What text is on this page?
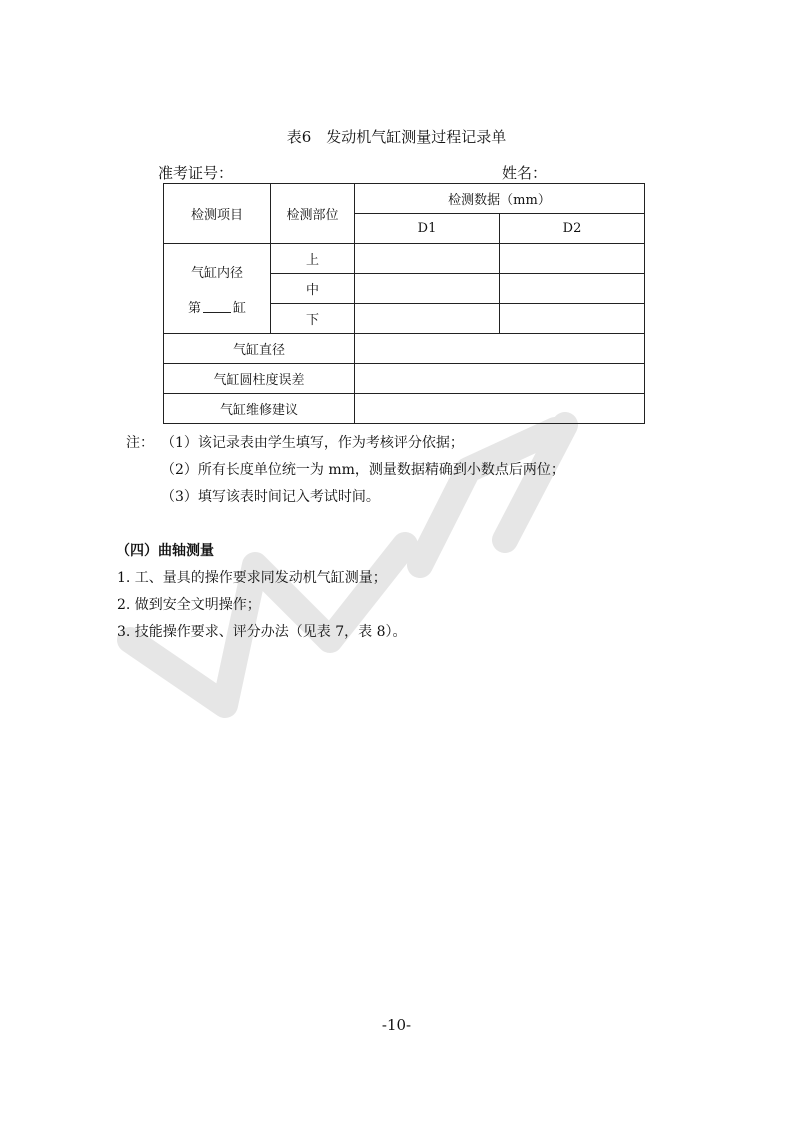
表6　发动机气缸测量过程记录单
准考证号：	姓名：
检测项目	检测部位	检测数据（mm）	
		D1	D2

气缸内径
第 缸	上		
	中		
	下		
气缸直径			
气缸圆柱度误差			
气缸维修建议			
注： （1）该记录表由学生填写，作为考核评分依据；
（2）所有长度单位统一为 mm，测量数据精确到小数点后两位；
（3）填写该表时间记入考试时间。
（四）曲轴测量
1. 工、量具的操作要求同发动机气缸测量；
2. 做到安全文明操作；
3. 技能操作要求、评分办法（见表 7，表 8）。
-10-
